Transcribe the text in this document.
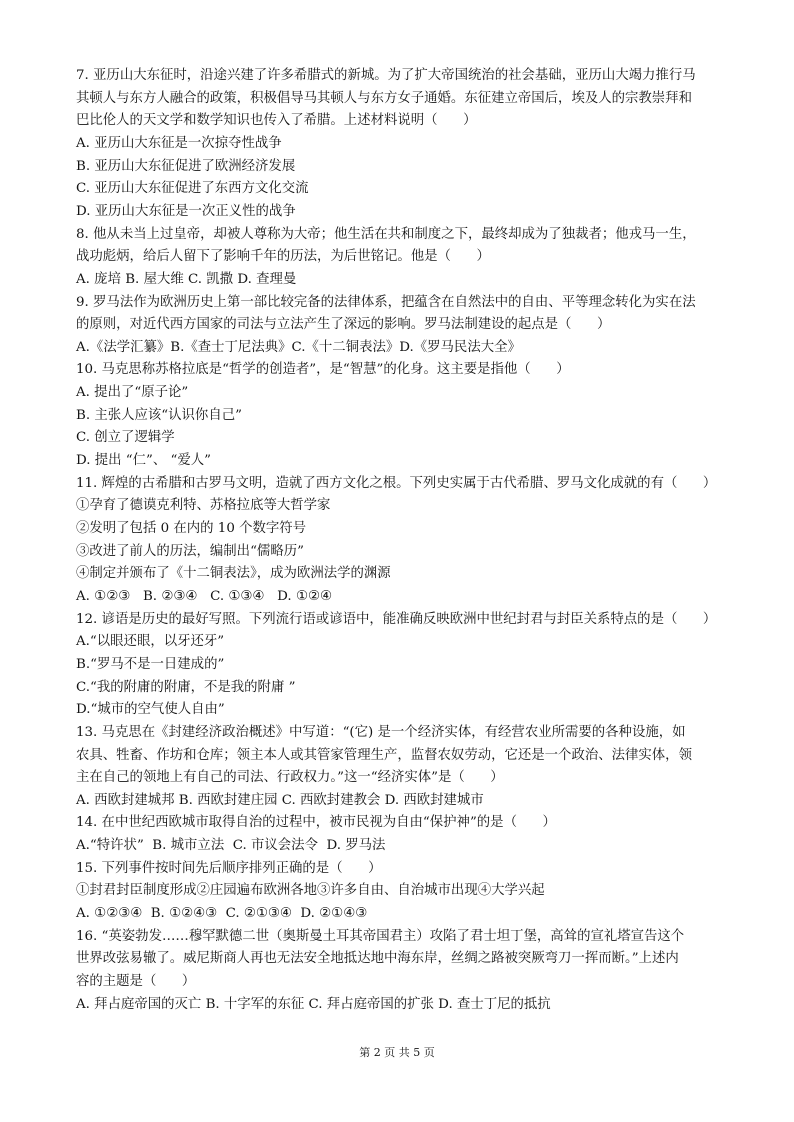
7. 亚历山大东征时，沿途兴建了许多希腊式的新城。为了扩大帝国统治的社会基础，亚历山大竭力推行马
其顿人与东方人融合的政策，积极倡导马其顿人与东方女子通婚。东征建立帝国后，埃及人的宗教崇拜和
巴比伦人的天文学和数学知识也传入了希腊。上述材料说明（      ）
A. 亚历山大东征是一次掠夺性战争
B. 亚历山大东征促进了欧洲经济发展
C. 亚历山大东征促进了东西方文化交流
D. 亚历山大东征是一次正义性的战争
8. 他从未当上过皇帝，却被人尊称为大帝；他生活在共和制度之下，最终却成为了独裁者；他戎马一生，
战功彪炳，给后人留下了影响千年的历法，为后世铭记。他是（      ）
A. 庞培 B. 屋大维 C. 凯撒 D. 查理曼
9. 罗马法作为欧洲历史上第一部比较完备的法律体系，把蕴含在自然法中的自由、平等理念转化为实在法
的原则，对近代西方国家的司法与立法产生了深远的影响。罗马法制建设的起点是（      ）
A.《法学汇纂》B.《查士丁尼法典》C.《十二铜表法》D.《罗马民法大全》
10. 马克思称苏格拉底是“哲学的创造者”，是“智慧”的化身。这主要是指他（      ）
A. 提出了“原子论”
B. 主张人应该“认识你自己”
C. 创立了逻辑学
D. 提出 “仁”、 “爱人”
11. 辉煌的古希腊和古罗马文明，造就了西方文化之根。下列史实属于古代希腊、罗马文化成就的有（      ）
①孕育了德谟克利特、苏格拉底等大哲学家
②发明了包括 0 在内的 10 个数字符号
③改进了前人的历法，编制出“儒略历”
④制定并颁布了《十二铜表法》，成为欧洲法学的渊源
A. ①②③   B. ②③④   C. ①③④   D. ①②④
12. 谚语是历史的最好写照。下列流行语或谚语中，能准确反映欧洲中世纪封君与封臣关系特点的是（      ）
A.“以眼还眼，以牙还牙”
B.“罗马不是一日建成的”
C.“我的附庸的附庸，不是我的附庸 ”
D.“城市的空气使人自由”
13. 马克思在《封建经济政治概述》中写道：“(它) 是一个经济实体，有经营农业所需要的各种设施，如
农具、牲畜、作坊和仓库；领主本人或其管家管理生产，监督农奴劳动，它还是一个政治、法律实体，领
主在自己的领地上有自己的司法、行政权力。”这一“经济实体”是（      ）
A. 西欧封建城邦 B. 西欧封建庄园 C. 西欧封建教会 D. 西欧封建城市
14. 在中世纪西欧城市取得自治的过程中，被市民视为自由“保护神”的是（      ）
A.“特许状”  B. 城市立法  C. 市议会法令  D. 罗马法
15. 下列事件按时间先后顺序排列正确的是（      ）
①封君封臣制度形成②庄园遍布欧洲各地③许多自由、自治城市出现④大学兴起
A. ①②③④  B. ①②④③  C. ②①③④  D. ②①④③
16. “英姿勃发……穆罕默德二世（奥斯曼土耳其帝国君主）攻陷了君士坦丁堡，高耸的宣礼塔宣告这个
世界改弦易辙了。威尼斯商人再也无法安全地抵达地中海东岸，丝绸之路被突厥弯刀一挥而断。”上述内
容的主题是（      ）
A. 拜占庭帝国的灭亡 B. 十字军的东征 C. 拜占庭帝国的扩张 D. 查士丁尼的抵抗
第 2 页 共 5 页
